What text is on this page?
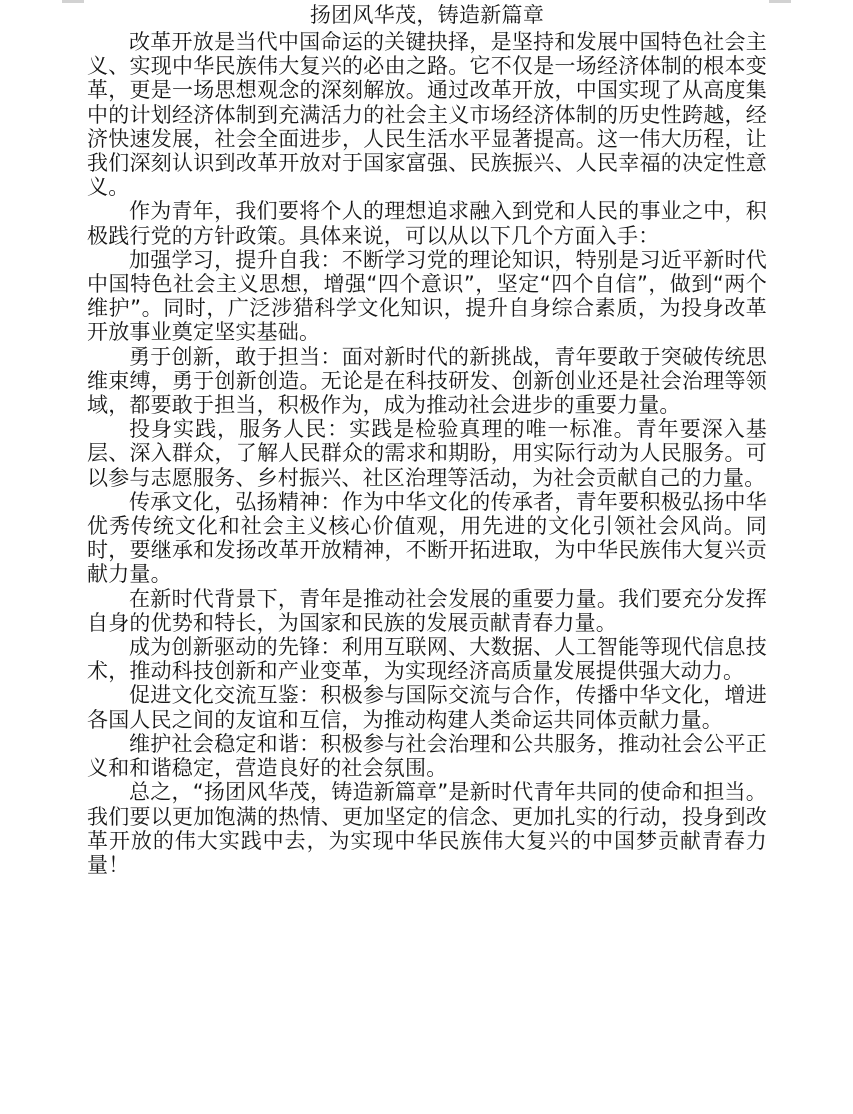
扬团风华茂，铸造新篇章

改革开放是当代中国命运的关键抉择，是坚持和发展中国特色社会主义、实现中华民族伟大复兴的必由之路。它不仅是一场经济体制的根本变革，更是一场思想观念的深刻解放。通过改革开放，中国实现了从高度集中的计划经济体制到充满活力的社会主义市场经济体制的历史性跨越，经济快速发展，社会全面进步，人民生活水平显著提高。这一伟大历程，让我们深刻认识到改革开放对于国家富强、民族振兴、人民幸福的决定性意义。

作为青年，我们要将个人的理想追求融入到党和人民的事业之中，积极践行党的方针政策。具体来说，可以从以下几个方面入手：

加强学习，提升自我：不断学习党的理论知识，特别是习近平新时代中国特色社会主义思想，增强“四个意识”，坚定“四个自信”，做到“两个维护”。同时，广泛涉猎科学文化知识，提升自身综合素质，为投身改革开放事业奠定坚实基础。

勇于创新，敢于担当：面对新时代的新挑战，青年要敢于突破传统思维束缚，勇于创新创造。无论是在科技研发、创新创业还是社会治理等领域，都要敢于担当，积极作为，成为推动社会进步的重要力量。

投身实践，服务人民：实践是检验真理的唯一标准。青年要深入基层、深入群众，了解人民群众的需求和期盼，用实际行动为人民服务。可以参与志愿服务、乡村振兴、社区治理等活动，为社会贡献自己的力量。

传承文化，弘扬精神：作为中华文化的传承者，青年要积极弘扬中华优秀传统文化和社会主义核心价值观，用先进的文化引领社会风尚。同时，要继承和发扬改革开放精神，不断开拓进取，为中华民族伟大复兴贡献力量。

在新时代背景下，青年是推动社会发展的重要力量。我们要充分发挥自身的优势和特长，为国家和民族的发展贡献青春力量。

成为创新驱动的先锋：利用互联网、大数据、人工智能等现代信息技术，推动科技创新和产业变革，为实现经济高质量发展提供强大动力。

促进文化交流互鉴：积极参与国际交流与合作，传播中华文化，增进各国人民之间的友谊和互信，为推动构建人类命运共同体贡献力量。

维护社会稳定和谐：积极参与社会治理和公共服务，推动社会公平正义和和谐稳定，营造良好的社会氛围。

总之，“扬团风华茂，铸造新篇章”是新时代青年共同的使命和担当。我们要以更加饱满的热情、更加坚定的信念、更加扎实的行动，投身到改革开放的伟大实践中去，为实现中华民族伟大复兴的中国梦贡献青春力量！
